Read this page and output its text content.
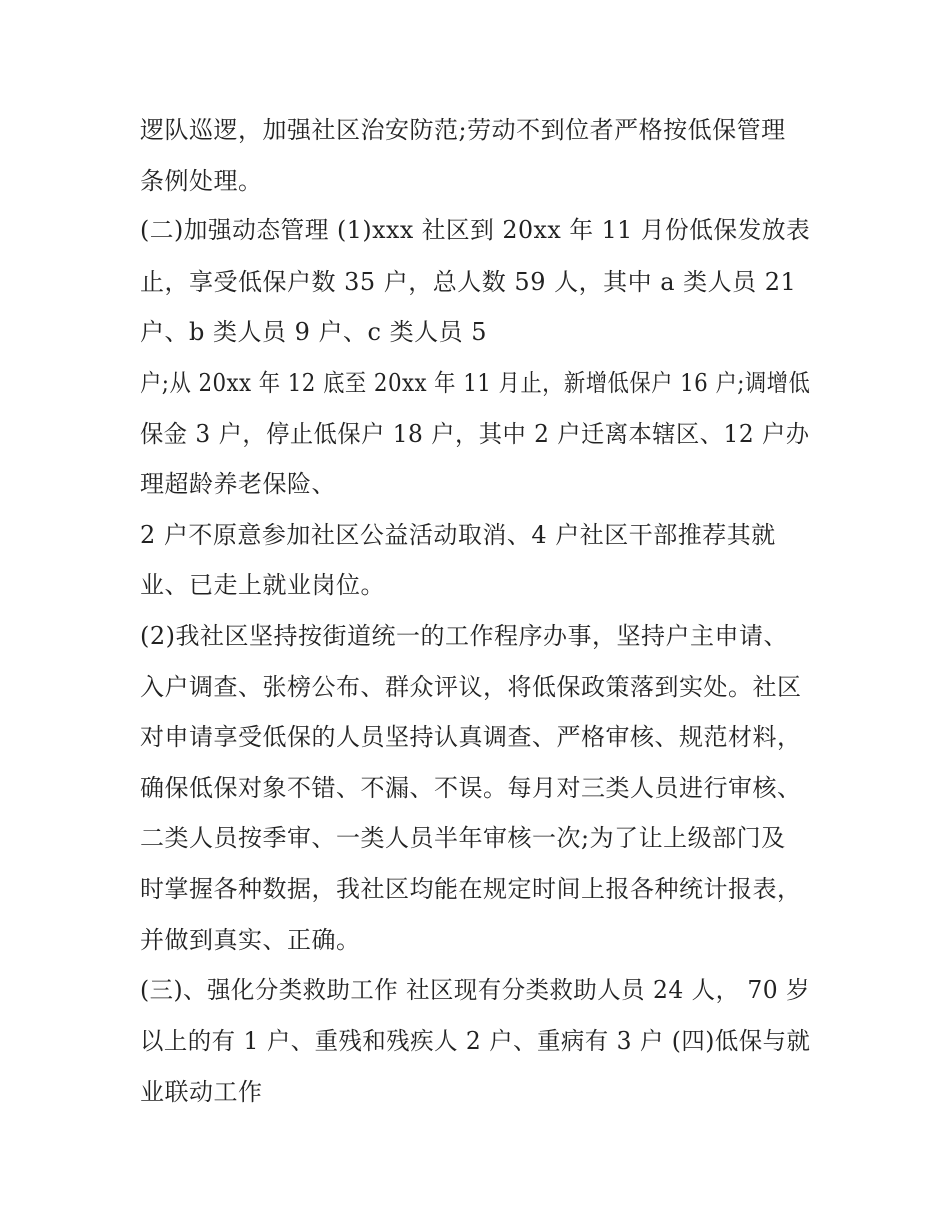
逻队巡逻，加强社区治安防范;劳动不到位者严格按低保管理
条例处理。
(二)加强动态管理 (1)xxx 社区到 20xx 年 11 月份低保发放表
止，享受低保户数 35 户，总人数 59 人，其中 a 类人员 21
户、b 类人员 9 户、c 类人员 5
户;从 20xx 年 12 底至 20xx 年 11 月止，新增低保户 16 户;调增低
保金 3 户，停止低保户 18 户，其中 2 户迁离本辖区、12 户办
理超龄养老保险、
2 户不原意参加社区公益活动取消、4 户社区干部推荐其就
业、已走上就业岗位。
(2)我社区坚持按街道统一的工作程序办事，坚持户主申请、
入户调查、张榜公布、群众评议，将低保政策落到实处。社区
对申请享受低保的人员坚持认真调查、严格审核、规范材料，
确保低保对象不错、不漏、不误。每月对三类人员进行审核、
二类人员按季审、一类人员半年审核一次;为了让上级部门及
时掌握各种数据，我社区均能在规定时间上报各种统计报表，
并做到真实、正确。
(三)、强化分类救助工作 社区现有分类救助人员 24 人， 70 岁
以上的有 1 户、重残和残疾人 2 户、重病有 3 户 (四)低保与就
业联动工作
